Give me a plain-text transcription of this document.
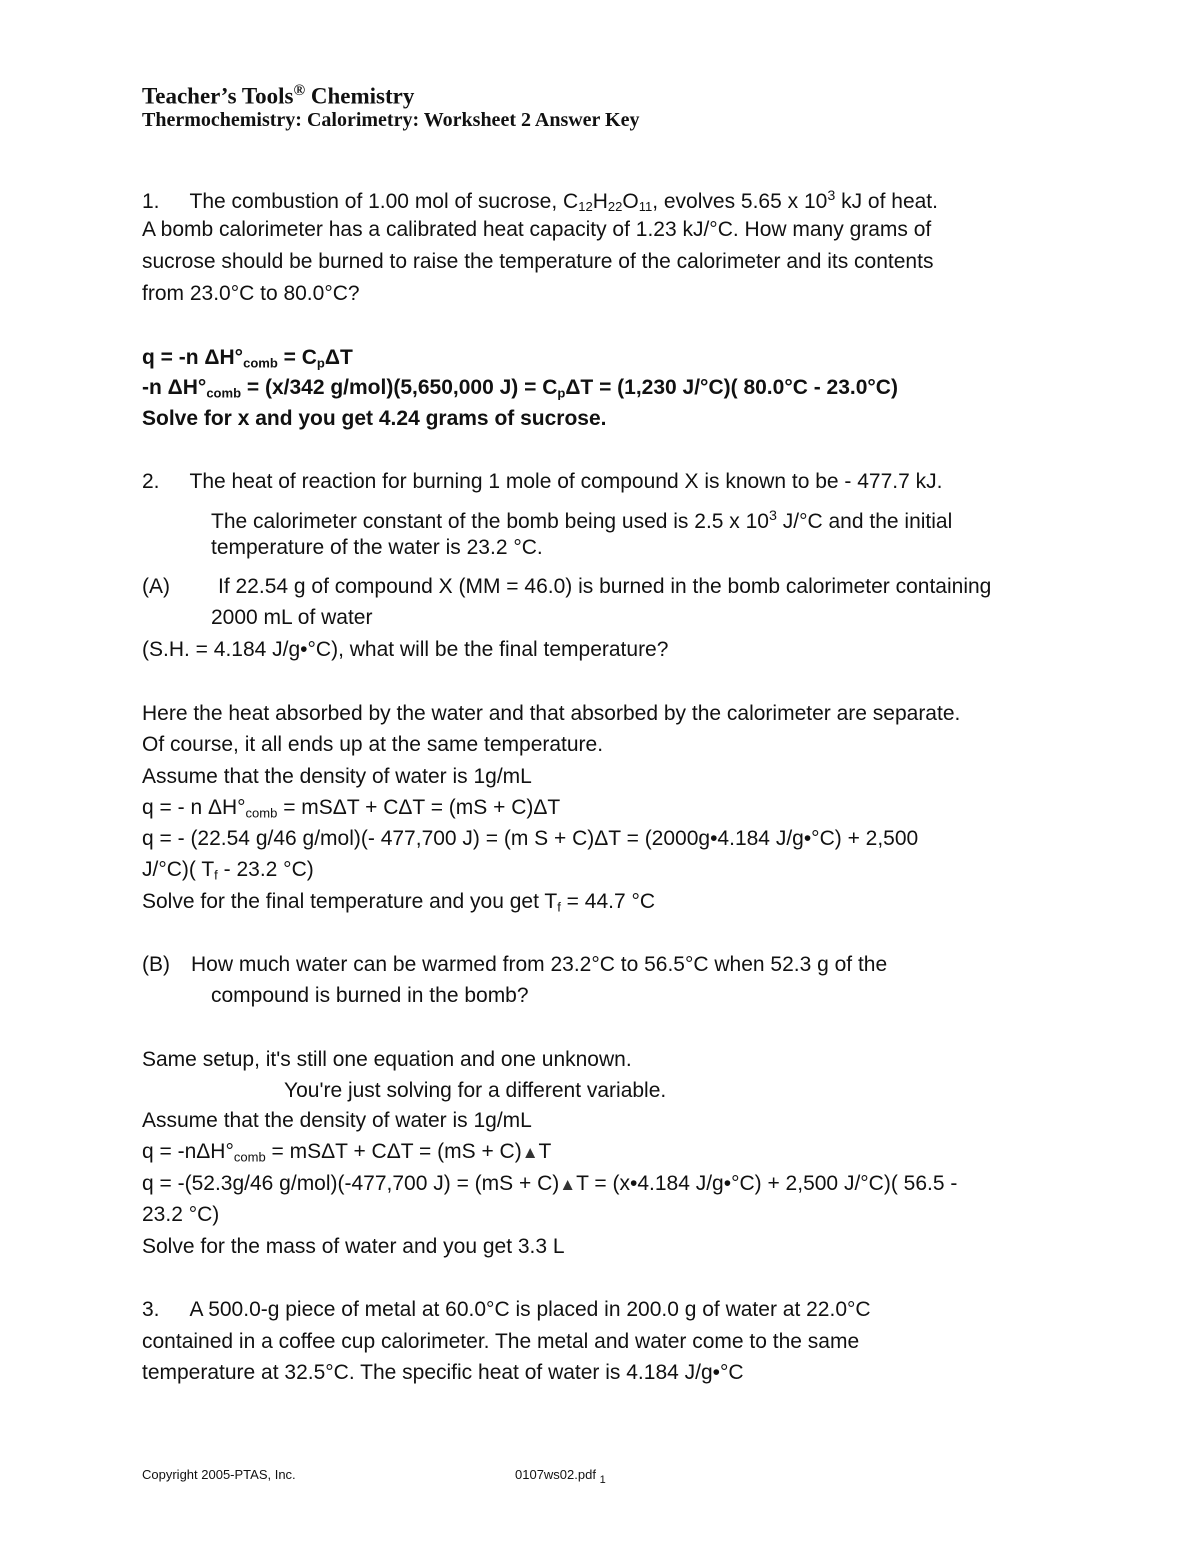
Teacher’s Tools® Chemistry
Thermochemistry: Calorimetry: Worksheet 2 Answer Key
1. The combustion of 1.00 mol of sucrose, $C_{12}H_{22}O_{11}$, evolves 5.65 x $10^3$ kJ of heat.
A bomb calorimeter has a calibrated heat capacity of 1.23 kJ/°C. How many grams of
sucrose should be burned to raise the temperature of the calorimeter and its contents
from 23.0°C to 80.0°C?
q = -n $\Delta H^\circ_{comb} = C_p\Delta T$
-n $\Delta H^\circ_{comb} = (x/342$ g/mol)(5,650,000 $J) = C_p\Delta T = (1,230$ J/°C)( 80.0°C - 23.0°C)
Solve for x and you get 4.24 grams of sucrose.
2. The heat of reaction for burning 1 mole of compound X is known to be - 477.7 kJ.
The calorimeter constant of the bomb being used is 2.5 x $10^3$ J/°C and the initial
temperature of the water is 23.2 °C.
(A) If 22.54 g of compound X (MM = 46.0) is burned in the bomb calorimeter containing
2000 mL of water
(S.H. = 4.184 J/g•°C), what will be the final temperature?
Here the heat absorbed by the water and that absorbed by the calorimeter are separate.
Of course, it all ends up at the same temperature.
Assume that the density of water is 1g/mL
q = - n $\Delta H^\circ_{comb} = mS\Delta T + C\Delta T = (mS + C)\Delta T$
q = - (22.54 g/46 g/mol)(- 477,700 J) = (m S + C)ΔT = (2000g•4.184 J/g•°C) + 2,500
J/°C)( $T_f - 23.2$ °C)
Solve for the final temperature and you get $T_f = 44.7$ °C
(B) How much water can be warmed from 23.2°C to 56.5°C when 52.3 g of the
compound is burned in the bomb?
Same setup, it's still one equation and one unknown.
You're just solving for a different variable.
Assume that the density of water is 1g/mL
$q = -n\Delta H^\circ_{comb} = mS\Delta T + C\Delta T = (mS$ + C)▲T
q = -(52.3g/46 g/mol)(-477,700 J) = (mS + C)▲T = (x•4.184 J/g•°C) + 2,500 J/°C)( 56.5 -
23.2 °C)
Solve for the mass of water and you get 3.3 L
3. A 500.0-g piece of metal at 60.0°C is placed in 200.0 g of water at 22.0°C
contained in a coffee cup calorimeter. The metal and water come to the same
temperature at 32.5°C. The specific heat of water is 4.184 J/g•°C
Copyright 2005-PTAS, Inc.	0107ws02.pdf $_1$
